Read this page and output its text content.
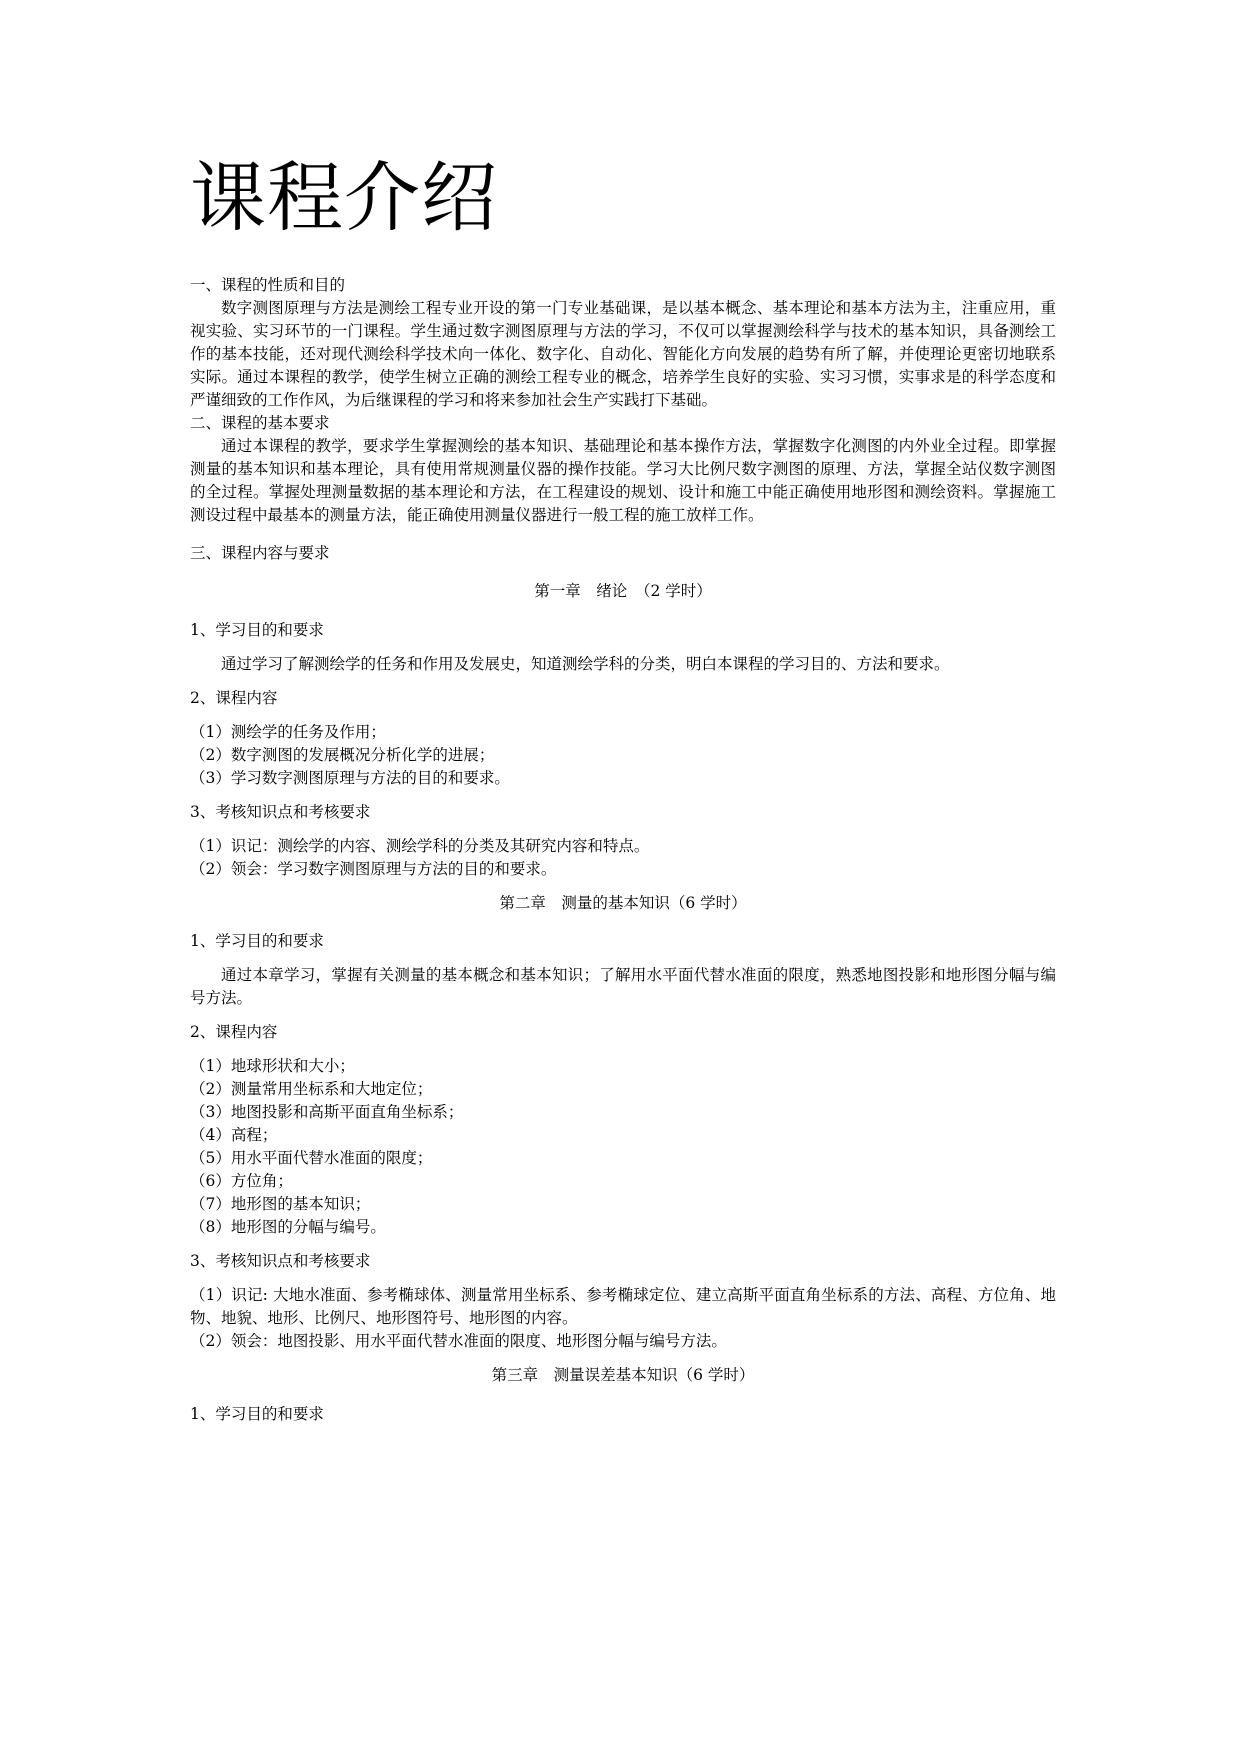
课程介绍

一、课程的性质和目的

数字测图原理与方法是测绘工程专业开设的第一门专业基础课，是以基本概念、基本理论和基本方法为主，注重应用，重视实验、实习环节的一门课程。学生通过数字测图原理与方法的学习，不仅可以掌握测绘科学与技术的基本知识，具备测绘工作的基本技能，还对现代测绘科学技术向一体化、数字化、自动化、智能化方向发展的趋势有所了解，并使理论更密切地联系实际。通过本课程的教学，使学生树立正确的测绘工程专业的概念，培养学生良好的实验、实习习惯，实事求是的科学态度和严谨细致的工作作风，为后继课程的学习和将来参加社会生产实践打下基础。

二、课程的基本要求

通过本课程的教学，要求学生掌握测绘的基本知识、基础理论和基本操作方法，掌握数字化测图的内外业全过程。即掌握测量的基本知识和基本理论，具有使用常规测量仪器的操作技能。学习大比例尺数字测图的原理、方法，掌握全站仪数字测图的全过程。掌握处理测量数据的基本理论和方法，在工程建设的规划、设计和施工中能正确使用地形图和测绘资料。掌握施工测设过程中最基本的测量方法，能正确使用测量仪器进行一般工程的施工放样工作。

三、课程内容与要求

第一章　绪论　（2 学时）

1、学习目的和要求

通过学习了解测绘学的任务和作用及发展史，知道测绘学科的分类，明白本课程的学习目的、方法和要求。

2、课程内容

（1）测绘学的任务及作用；

（2）数字测图的发展概况分析化学的进展；

（3）学习数字测图原理与方法的目的和要求。

3、考核知识点和考核要求

（1）识记：测绘学的内容、测绘学科的分类及其研究内容和特点。

（2）领会：学习数字测图原理与方法的目的和要求。

第二章　测量的基本知识（6 学时）

1、学习目的和要求

通过本章学习，掌握有关测量的基本概念和基本知识；了解用水平面代替水准面的限度，熟悉地图投影和地形图分幅与编号方法。

2、课程内容

（1）地球形状和大小；

（2）测量常用坐标系和大地定位；

（3）地图投影和高斯平面直角坐标系；

（4）高程；

（5）用水平面代替水准面的限度；

（6）方位角；

（7）地形图的基本知识；

（8）地形图的分幅与编号。

3、考核知识点和考核要求

（1）识记: 大地水准面、参考椭球体、测量常用坐标系、参考椭球定位、建立高斯平面直角坐标系的方法、高程、方位角、地物、地貌、地形、比例尺、地形图符号、地形图的内容。

（2）领会：地图投影、用水平面代替水准面的限度、地形图分幅与编号方法。

第三章　测量误差基本知识（6 学时）

1、学习目的和要求
